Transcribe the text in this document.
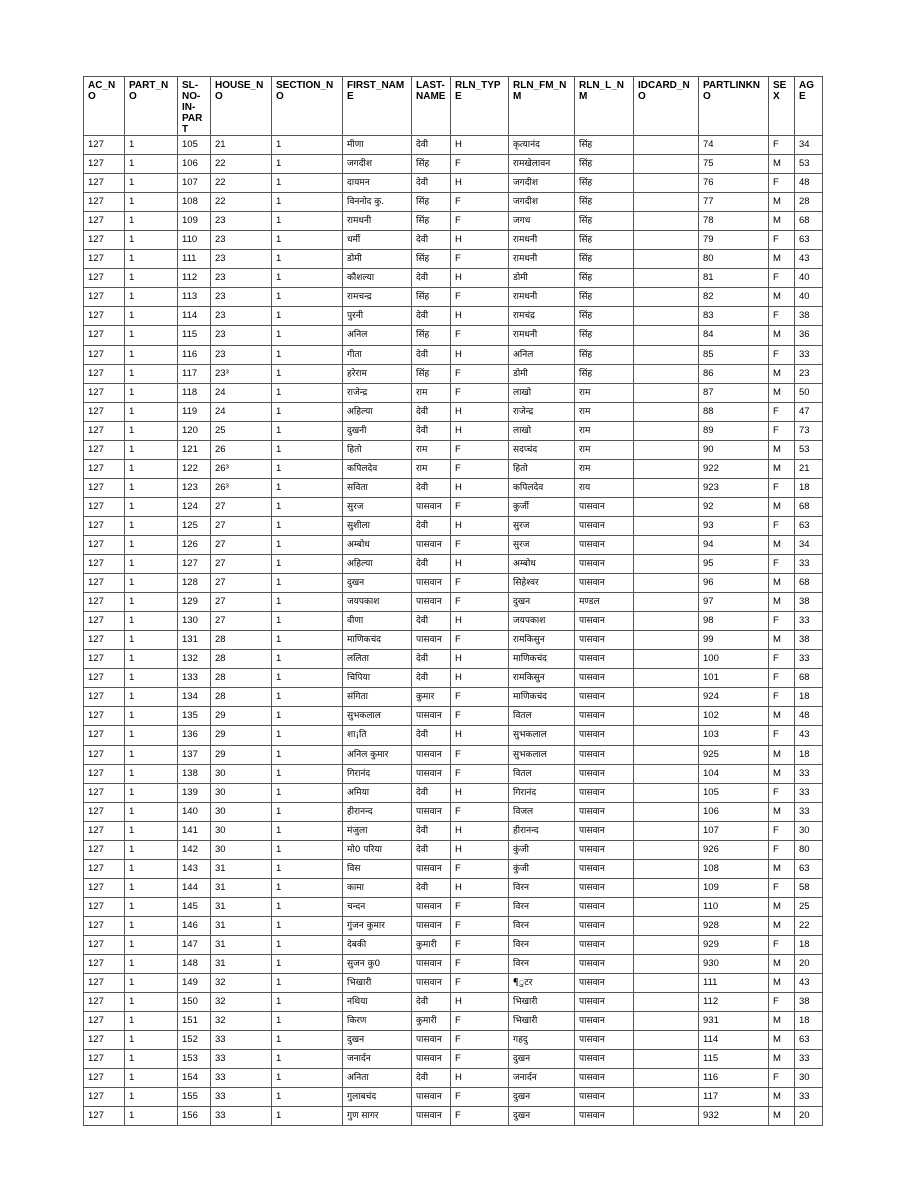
AC_NO	PART_NO	SL-
NO-
IN-
PART	HOUSE_NO	SECTION_NO	FIRST_NAME	LAST-
NAME	RLN_TYPE	RLN_FM_NM	RLN_L_NM	IDCARD_NO	PARTLINKNO	SEX	AGE
127	1	105	21	1	मीणा	देवी	H	कृत्यानंद	सिंह		74	F	34
127	1	106	22	1	जगदीश	सिंह	F	रामखेलावन	सिंह		75	M	53
127	1	107	22	1	दायमन	देवी	H	जगदीश	सिंह		76	F	48
127	1	108	22	1	विननोद कु.	सिंह	F	जगदीश	सिंह		77	M	28
127	1	109	23	1	रामधनी	सिंह	F	जगध	सिंह		78	M	68
127	1	110	23	1	धर्मी	देवी	H	रामधनी	सिंह		79	F	63
127	1	111	23	1	डोमी	सिंह	F	रामधनी	सिंह		80	M	43
127	1	112	23	1	कौशल्या	देवी	H	डोमी	सिंह		81	F	40
127	1	113	23	1	रामचन्द्र	सिंह	F	रामधनी	सिंह		82	M	40
127	1	114	23	1	पुरनी	देवी	H	रामचंद्र	सिंह		83	F	38
127	1	115	23	1	अनिल	सिंह	F	रामधनी	सिंह		84	M	36
127	1	116	23	1	गीता	देवी	H	अनिल	सिंह		85	F	33
127	1	117	23³	1	हरेराम	सिंह	F	डोमी	सिंह		86	M	23
127	1	118	24	1	राजेन्द्र	राम	F	लाखो	राम		87	M	50
127	1	119	24	1	अहिल्या	देवी	H	राजेन्द्र	राम		88	F	47
127	1	120	25	1	दुखनी	देवी	H	लाखो	राम		89	F	73
127	1	121	26	1	हितो	राम	F	सदप्चंद	राम		90	M	53
127	1	122	26³	1	कपिलदेव	राम	F	हितो	राम		922	M	21
127	1	123	26³	1	सविता	देवी	H	कपिलदेव	राय		923	F	18
127	1	124	27	1	सुरज	पासवान	F	कुर्जी	पासवान		92	M	68
127	1	125	27	1	सुशीला	देवी	H	सुरज	पासवान		93	F	63
127	1	126	27	1	अम्बोध	पासवान	F	सुरज	पासवान		94	M	34
127	1	127	27	1	अहिल्या	देवी	H	अम्बोध	पासवान		95	F	33
127	1	128	27	1	दुखन	पासवान	F	सिहेश्वर	पासवान		96	M	68
127	1	129	27	1	जयपकाश	पासवान	F	दुखन	मण्डल		97	M	38
127	1	130	27	1	वीणा	देवी	H	जयपकाश	पासवान		98	F	33
127	1	131	28	1	माणिकचंद	पासवान	F	रामकिसुन	पासवान		99	M	38
127	1	132	28	1	ललिता	देवी	H	माणिकचंद	पासवान		100	F	33
127	1	133	28	1	चिपिया	देवी	H	रामकिसुन	पासवान		101	F	68
127	1	134	28	1	संगिता	कुमार	F	माणिकचंद	पासवान		924	F	18
127	1	135	29	1	सुभकलाल	पासवान	F	वितल	पासवान		102	M	48
127	1	136	29	1	शा¡ति	देवी	H	सुभकलाल	पासवान		103	F	43
127	1	137	29	1	अनिल कुमार	पासवान	F	सुभकलाल	पासवान		925	M	18
127	1	138	30	1	गिरानंद	पासवान	F	वितल	पासवान		104	M	33
127	1	139	30	1	अमिया	देवी	H	गिरानंद	पासवान		105	F	33
127	1	140	30	1	हीरानन्द	पासवान	F	विजल	पासवान		106	M	33
127	1	141	30	1	मंजुला	देवी	H	हीरानन्द	पासवान		107	F	30
127	1	142	30	1	मो0 परिया	देवी	H	कुंजी	पासवान		926	F	80
127	1	143	31	1	विस	पासवान	F	कुंजी	पासवान		108	M	63
127	1	144	31	1	कामा	देवी	H	विरन	पासवान		109	F	58
127	1	145	31	1	चन्दन	पासवान	F	विरन	पासवान		110	M	25
127	1	146	31	1	गुंजन कुमार	पासवान	F	विरन	पासवान		928	M	22
127	1	147	31	1	देबकी	कुमारी	F	विरन	पासवान		929	F	18
127	1	148	31	1	सुजन कु0	पासवान	F	विरन	पासवान		930	M	20
127	1	149	32	1	भिखारी	पासवान	F	¶ुटर	पासवान		111	M	43
127	1	150	32	1	नथिया	देवी	H	भिखारी	पासवान		112	F	38
127	1	151	32	1	किरण	कुमारी	F	भिखारी	पासवान		931	M	18
127	1	152	33	1	दुखन	पासवान	F	गहदु	पासवान		114	M	63
127	1	153	33	1	जनार्दन	पासवान	F	दुखन	पासवान		115	M	33
127	1	154	33	1	अनिता	देवी	H	जनार्दन	पासवान		116	F	30
127	1	155	33	1	गुलाबचंद	पासवान	F	दुखन	पासवान		117	M	33
127	1	156	33	1	गुण सागर	पासवान	F	दुखन	पासवान		932	M	20
